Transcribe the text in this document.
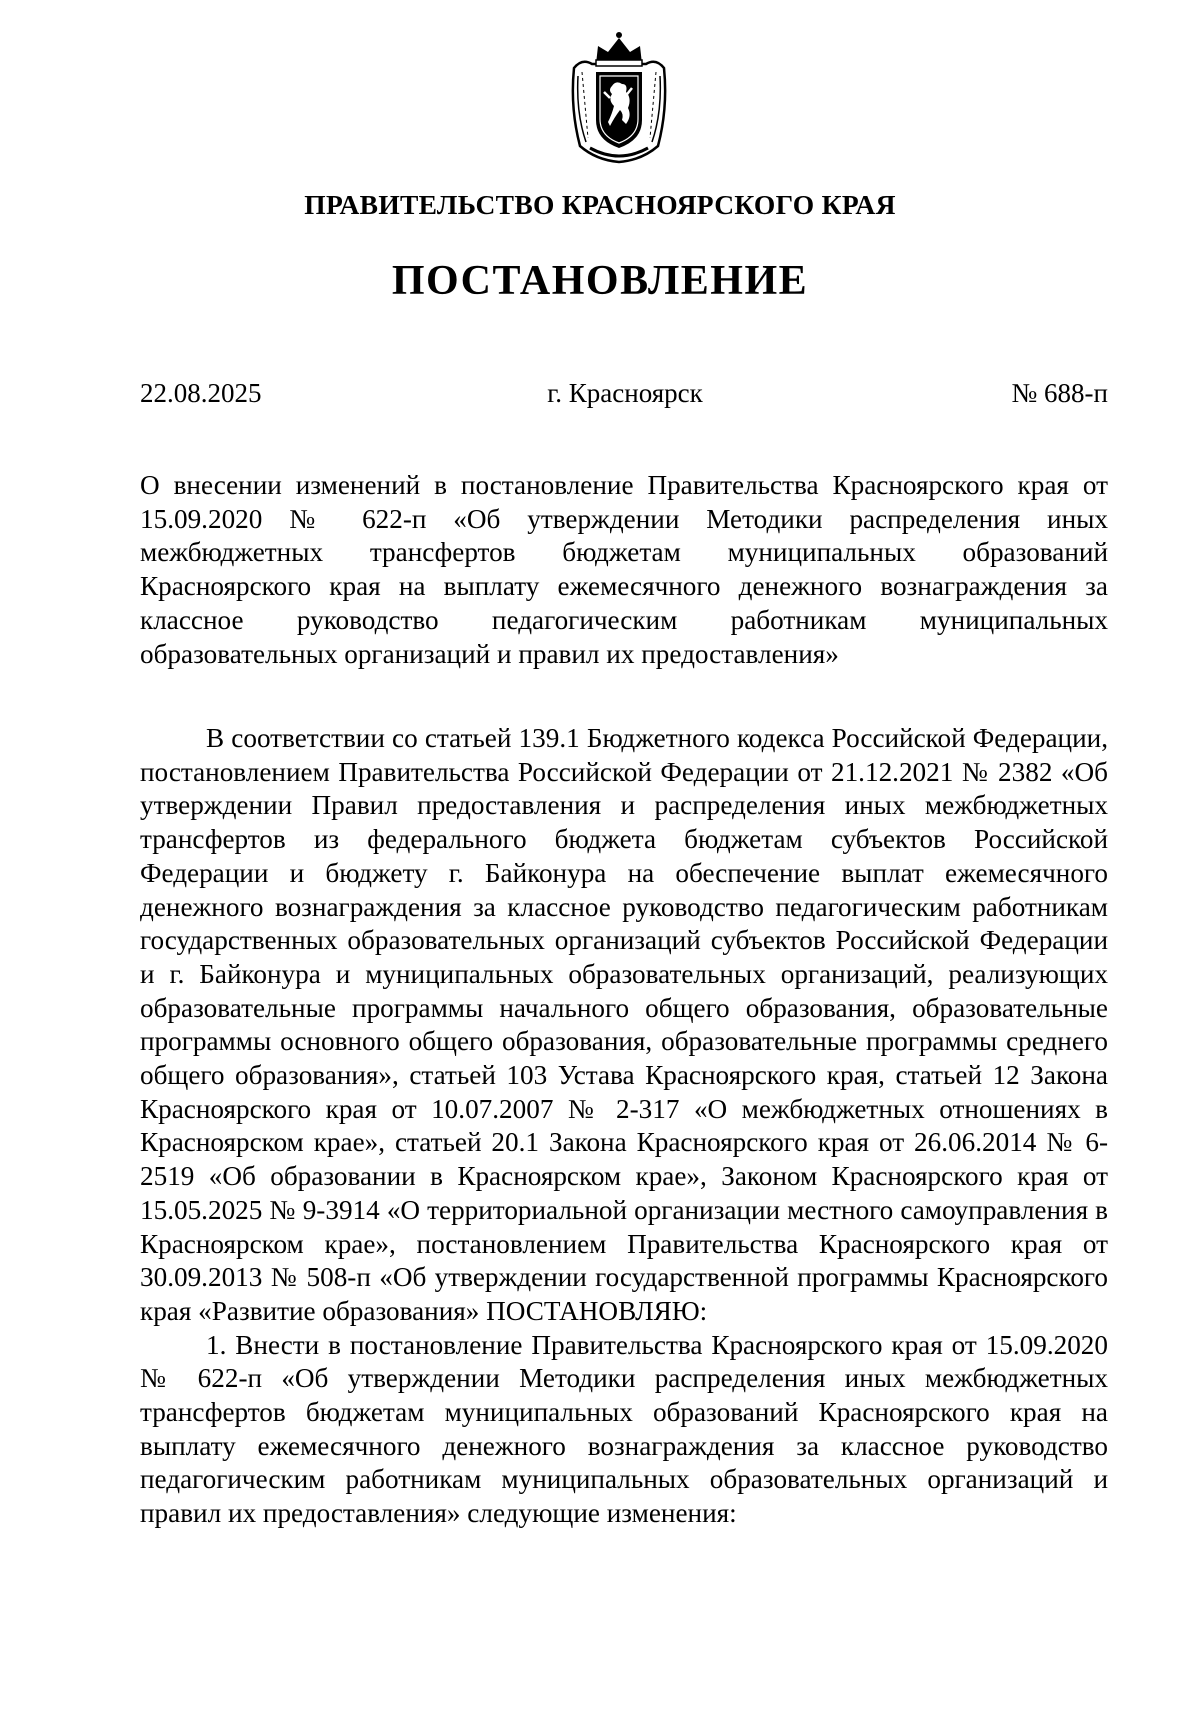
ПРАВИТЕЛЬСТВО КРАСНОЯРСКОГО КРАЯ
ПОСТАНОВЛЕНИЕ
22.08.2025	г. Красноярск	№ 688-п
О внесении изменений в постановление Правительства Красноярского края от 15.09.2020 № 622-п «Об утверждении Методики распределения иных межбюджетных трансфертов бюджетам муниципальных образований Красноярского края на выплату ежемесячного денежного вознаграждения за классное руководство педагогическим работникам муниципальных образовательных организаций и правил их предоставления»

В соответствии со статьей 139.1 Бюджетного кодекса Российской Федерации, постановлением Правительства Российской Федерации от 21.12.2021 № 2382 «Об утверждении Правил предоставления и распределения иных межбюджетных трансфертов из федерального бюджета бюджетам субъектов Российской Федерации и бюджету г. Байконура на обеспечение выплат ежемесячного денежного вознаграждения за классное руководство педагогическим работникам государственных образовательных организаций субъектов Российской Федерации и г. Байконура и муниципальных образовательных организаций, реализующих образовательные программы начального общего образования, образовательные программы основного общего образования, образовательные программы среднего общего образования», статьей 103 Устава Красноярского края, статьей 12 Закона Красноярского края от 10.07.2007 № 2-317 «О межбюджетных отношениях в Красноярском крае», статьей 20.1 Закона Красноярского края от 26.06.2014 № 6-2519 «Об образовании в Красноярском крае», Законом Красноярского края от 15.05.2025 № 9-3914 «О территориальной организации местного самоуправления в Красноярском крае», постановлением Правительства Красноярского края от 30.09.2013 № 508-п «Об утверждении государственной программы Красноярского края «Развитие образования» ПОСТАНОВЛЯЮ:

1. Внести в постановление Правительства Красноярского края от 15.09.2020 № 622-п «Об утверждении Методики распределения иных межбюджетных трансфертов бюджетам муниципальных образований Красноярского края на выплату ежемесячного денежного вознаграждения за классное руководство педагогическим работникам муниципальных образовательных организаций и правил их предоставления» следующие изменения:
